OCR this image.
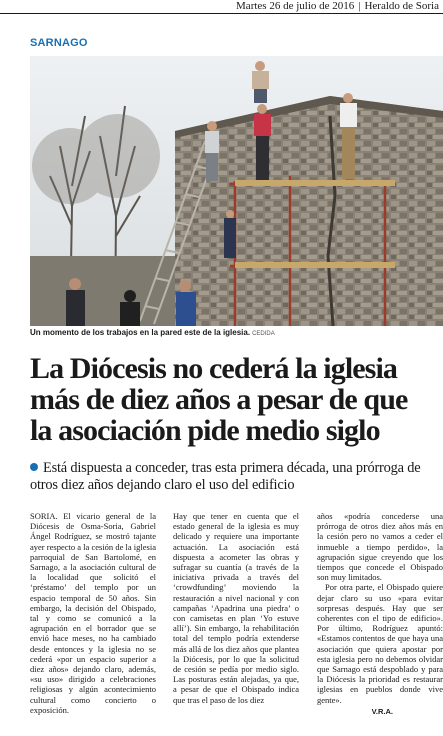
Martes 26 de julio de 2016 | Heraldo de Soria
SARNAGO
Un momento de los trabajos en la pared este de la iglesia. CEDIDA
La Diócesis no cederá la iglesia
más de diez años a pesar de que
la asociación pide medio siglo
Está dispuesta a conceder, tras esta primera década, una prórroga de otros diez años dejando claro el uso del edificio

SORIA. El vicario general de la Diócesis de Osma-Soria, Gabriel Ángel Rodríguez, se mostró tajante ayer respecto a la cesión de la iglesia parroquial de San Bartolomé, en Sarnago, a la asociación cultural de la localidad que solicitó el ‘préstamo’ del templo por un espacio temporal de 50 años. Sin embargo, la decisión del Obispado, tal y como se comunicó a la agrupación en el borrador que se envió hace meses, no ha cambiado desde entonces y la iglesia no se cederá «por un espacio superior a diez años» dejando claro, además, «su uso» dirigido a celebraciones religiosas y algún acontecimiento cultural como concierto o exposición.

Hay que tener en cuenta que el estado general de la iglesia es muy delicado y requiere una importante actuación. La asociación está dispuesta a acometer las obras y sufragar su cuantía (a través de la iniciativa privada a través del ‘crowdfunding’ moviendo la restauración a nivel nacional y con campañas ‘Apadrina una piedra’ o con camisetas en plan ‘Yo estuve allí’). Sin embargo, la rehabilitación total del templo podría extenderse más allá de los diez años que plantea la Diócesis, por lo que la solicitud de cesión se pedía por medio siglo. Las posturas están alejadas, ya que, a pesar de que el Obispado indica que tras el paso de los diez

años «podría concederse una prórroga de otros diez años más en la cesión pero no vamos a ceder el inmueble a tiempo perdido», la agrupación sigue creyendo que los tiempos que concede el Obispado son muy limitados.

Por otra parte, el Obispado quiere dejar claro su uso «para evitar sorpresas después. Hay que ser coherentes con el tipo de edificio». Por último, Rodríguez apuntó: «Estamos contentos de que haya una asociación que quiera apostar por esta iglesia pero no debemos olvidar que Sarnago está despoblado y para la Diócesis la prioridad es restaurar iglesias en pueblos donde vive gente».

V.R.A.
